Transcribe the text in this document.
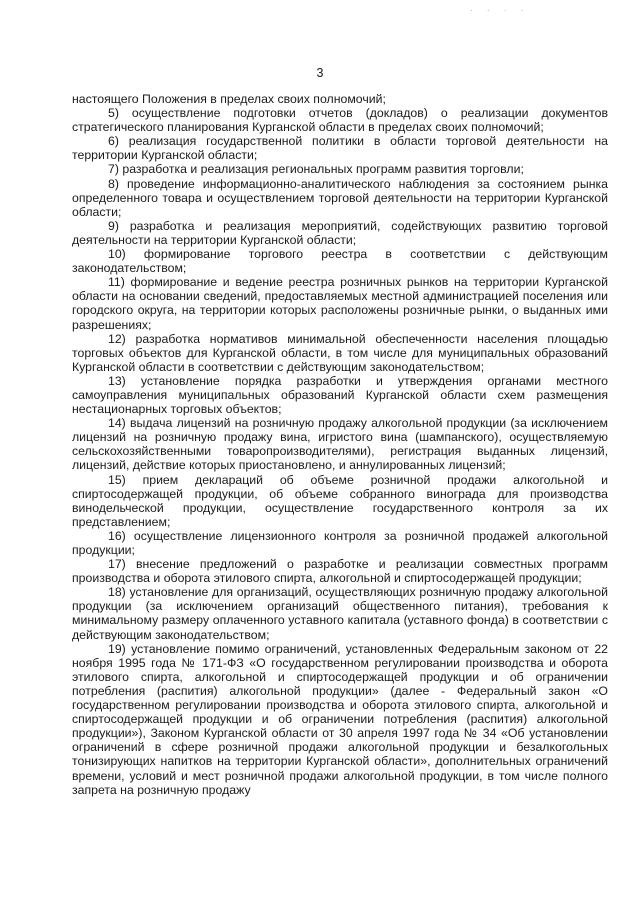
· · · ·
3

настоящего Положения в пределах своих полномочий;

5) осуществление подготовки отчетов (докладов) о реализации документов стратегического планирования Курганской области в пределах своих полномочий;

6) реализация государственной политики в области торговой деятельности на территории Курганской области;

7) разработка и реализация региональных программ развития торговли;

8) проведение информационно-аналитического наблюдения за состоянием рынка определенного товара и осуществлением торговой деятельности на территории Курганской области;

9) разработка и реализация мероприятий, содействующих развитию торговой деятельности на территории Курганской области;

10) формирование торгового реестра в соответствии с действующим законодательством;

11) формирование и ведение реестра розничных рынков на территории Курганской области на основании сведений, предоставляемых местной администрацией поселения или городского округа, на территории которых расположены розничные рынки, о выданных ими разрешениях;

12) разработка нормативов минимальной обеспеченности населения площадью торговых объектов для Курганской области, в том числе для муниципальных образований Курганской области в соответствии с действующим законодательством;

13) установление порядка разработки и утверждения органами местного самоуправления муниципальных образований Курганской области схем размещения нестационарных торговых объектов;

14) выдача лицензий на розничную продажу алкогольной продукции (за исключением лицензий на розничную продажу вина, игристого вина (шампанского), осуществляемую сельскохозяйственными товаропроизводителями), регистрация выданных лицензий, лицензий, действие которых приостановлено, и аннулированных лицензий;

15) прием деклараций об объеме розничной продажи алкогольной и спиртосодержащей продукции, об объеме собранного винограда для производства винодельческой продукции, осуществление государственного контроля за их представлением;

16) осуществление лицензионного контроля за розничной продажей алкогольной продукции;

17) внесение предложений о разработке и реализации совместных программ производства и оборота этилового спирта, алкогольной и спиртосодержащей продукции;

18) установление для организаций, осуществляющих розничную продажу алкогольной продукции (за исключением организаций общественного питания), требования к минимальному размеру оплаченного уставного капитала (уставного фонда) в соответствии с действующим законодательством;

19) установление помимо ограничений, установленных Федеральным законом от 22 ноября 1995 года № 171-ФЗ «О государственном регулировании производства и оборота этилового спирта, алкогольной и спиртосодержащей продукции и об ограничении потребления (распития) алкогольной продукции» (далее - Федеральный закон «О государственном регулировании производства и оборота этилового спирта, алкогольной и спиртосодержащей продукции и об ограничении потребления (распития) алкогольной продукции»), Законом Курганской области от 30 апреля 1997 года № 34 «Об установлении ограничений в сфере розничной продажи алкогольной продукции и безалкогольных тонизирующих напитков на территории Курганской области», дополнительных ограничений времени, условий и мест розничной продажи алкогольной продукции, в том числе полного запрета на розничную продажу
